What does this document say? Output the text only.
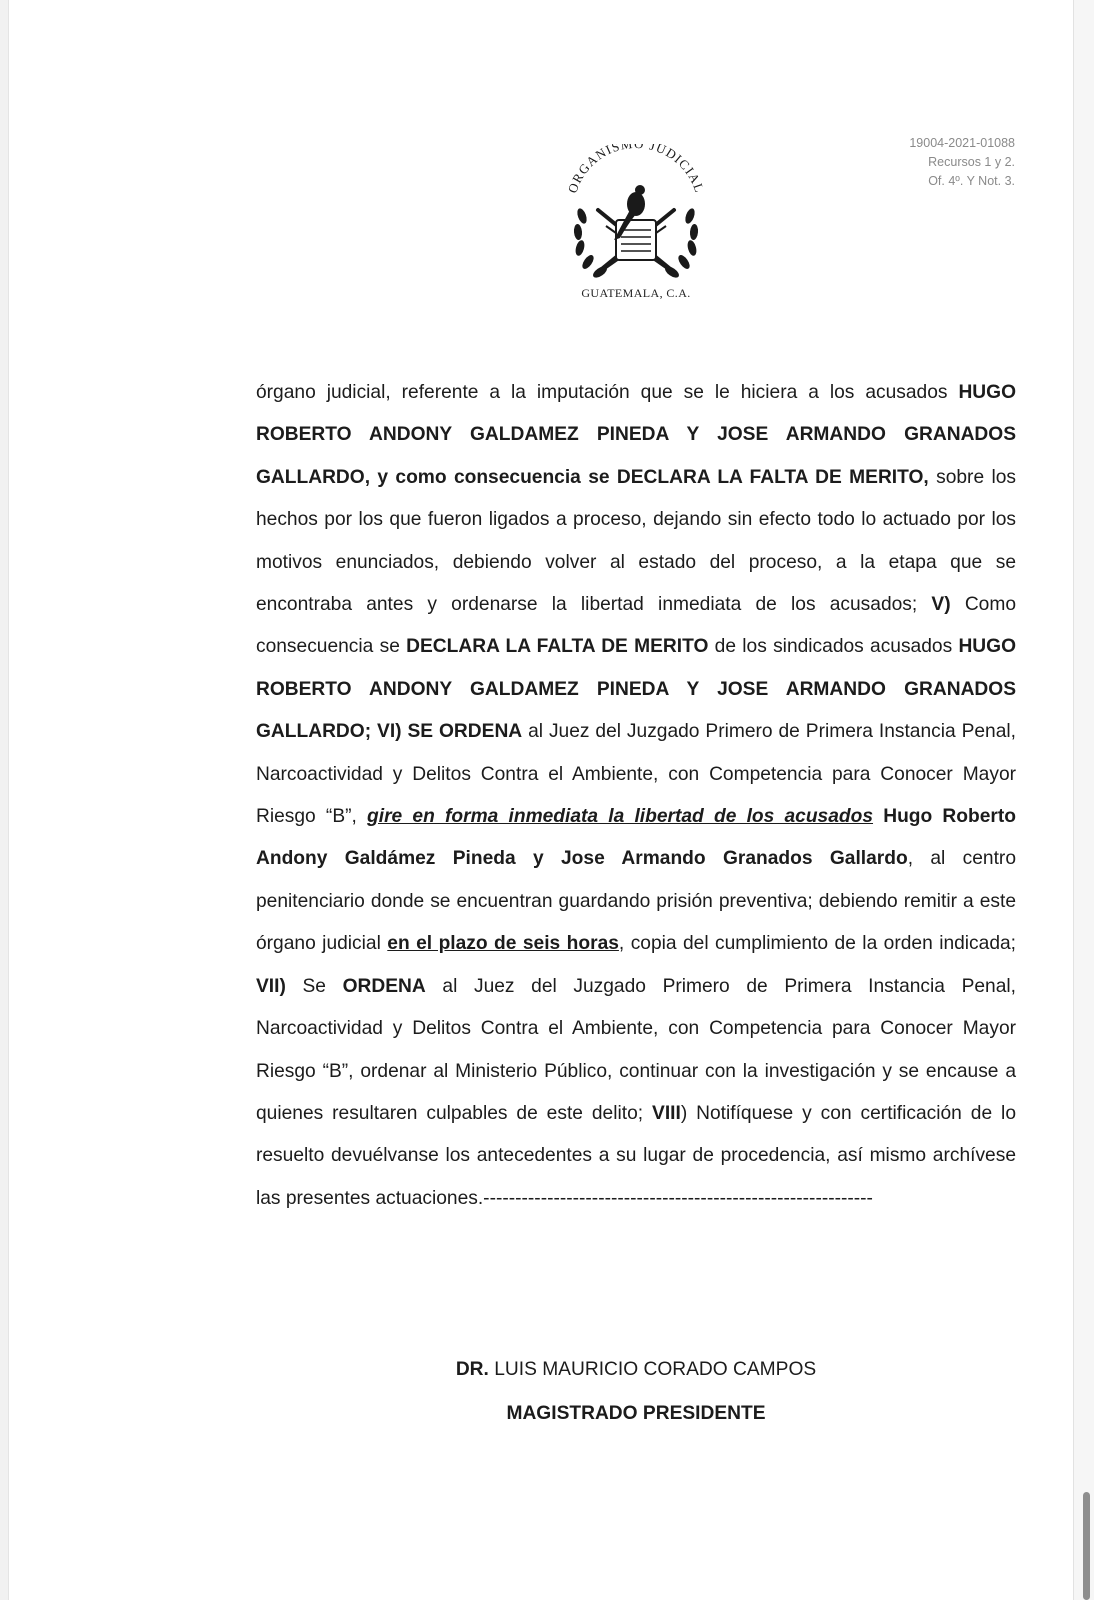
19004-2021-01088
Recursos 1 y 2.
Of. 4º. Y Not. 3.
ORGANISM JUDICIAL
GUATEMALA, C.A.

órgano judicial, referente a la imputación que se le hiciera a los acusados HUGO ROBERTO ANDONY GALDAMEZ PINEDA Y JOSE ARMANDO GRANADOS GALLARDO, y como consecuencia se DECLARA LA FALTA DE MERITO, sobre los hechos por los que fueron ligados a proceso, dejando sin efecto todo lo actuado por los motivos enunciados, debiendo volver al estado del proceso, a la etapa que se encontraba antes y ordenarse la libertad inmediata de los acusados; V) Como consecuencia se DECLARA LA FALTA DE MERITO de los sindicados acusados HUGO ROBERTO ANDONY GALDAMEZ PINEDA Y JOSE ARMANDO GRANADOS GALLARDO; VI) SE ORDENA al Juez del Juzgado Primero de Primera Instancia Penal, Narcoactividad y Delitos Contra el Ambiente, con Competencia para Conocer Mayor Riesgo “B”, gire en forma inmediata la libertad de los acusados Hugo Roberto Andony Galdámez Pineda y Jose Armando Granados Gallardo, al centro penitenciario donde se encuentran guardando prisión preventiva; debiendo remitir a este órgano judicial en el plazo de seis horas, copia del cumplimiento de la orden indicada; VII) Se ORDENA al Juez del Juzgado Primero de Primera Instancia Penal, Narcoactividad y Delitos Contra el Ambiente, con Competencia para Conocer Mayor Riesgo “B”, ordenar al Ministerio Público, continuar con la investigación y se encause a quienes resultaren culpables de este delito; VIII) Notifíquese y con certificación de lo resuelto devuélvanse los antecedentes a su lugar de procedencia, así mismo archívese las presentes actuaciones.-------------------------------------------------------------

DR. LUIS MAURICIO CORADO CAMPOS
MAGISTRADO PRESIDENTE
